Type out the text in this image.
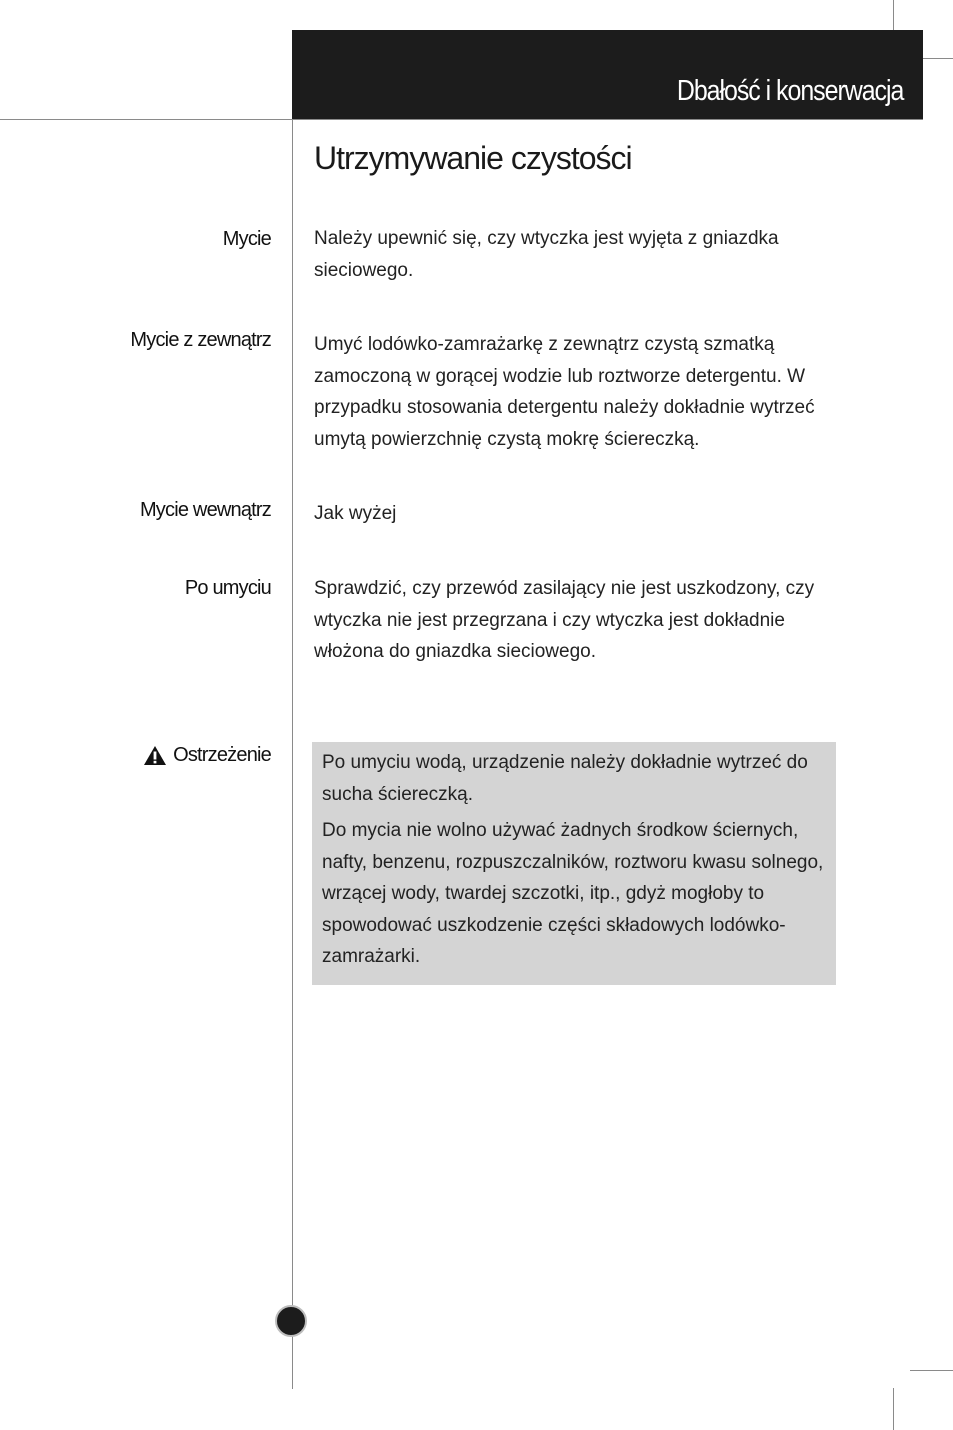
Dbałość i konserwacja
Utrzymywanie czystości
Mycie Należy upewnić się, czy wtyczka jest wyjęta z gniazdka sieciowego.

Mycie z zewnątrz Umyć lodówko-zamrażarkę z zewnątrz czystą szmatką zamoczoną w gorącej wodzie lub roztworze detergentu. W przypadku stosowania detergentu należy dokładnie wytrzeć umytą powierzchnię czystą mokrę ściereczką.

Mycie wewnątrz Jak wyżej

Po umyciu Sprawdzić, czy przewód zasilający nie jest uszkodzony, czy wtyczka nie jest przegrzana i czy wtyczka jest dokładnie włożona do gniazdka sieciowego.

Ostrzeżenie	Po umyciu wodą, urządzenie należy dokładnie wytrzeć do sucha ściereczką.

Do mycia nie wolno używać żadnych środkow ściernych, nafty, benzenu, rozpuszczalników, roztworu kwasu solnego, wrzącej wody, twardej szczotki, itp., gdyż mogłoby to spowodować uszkodzenie części składowych lodówko-zamrażarki.
